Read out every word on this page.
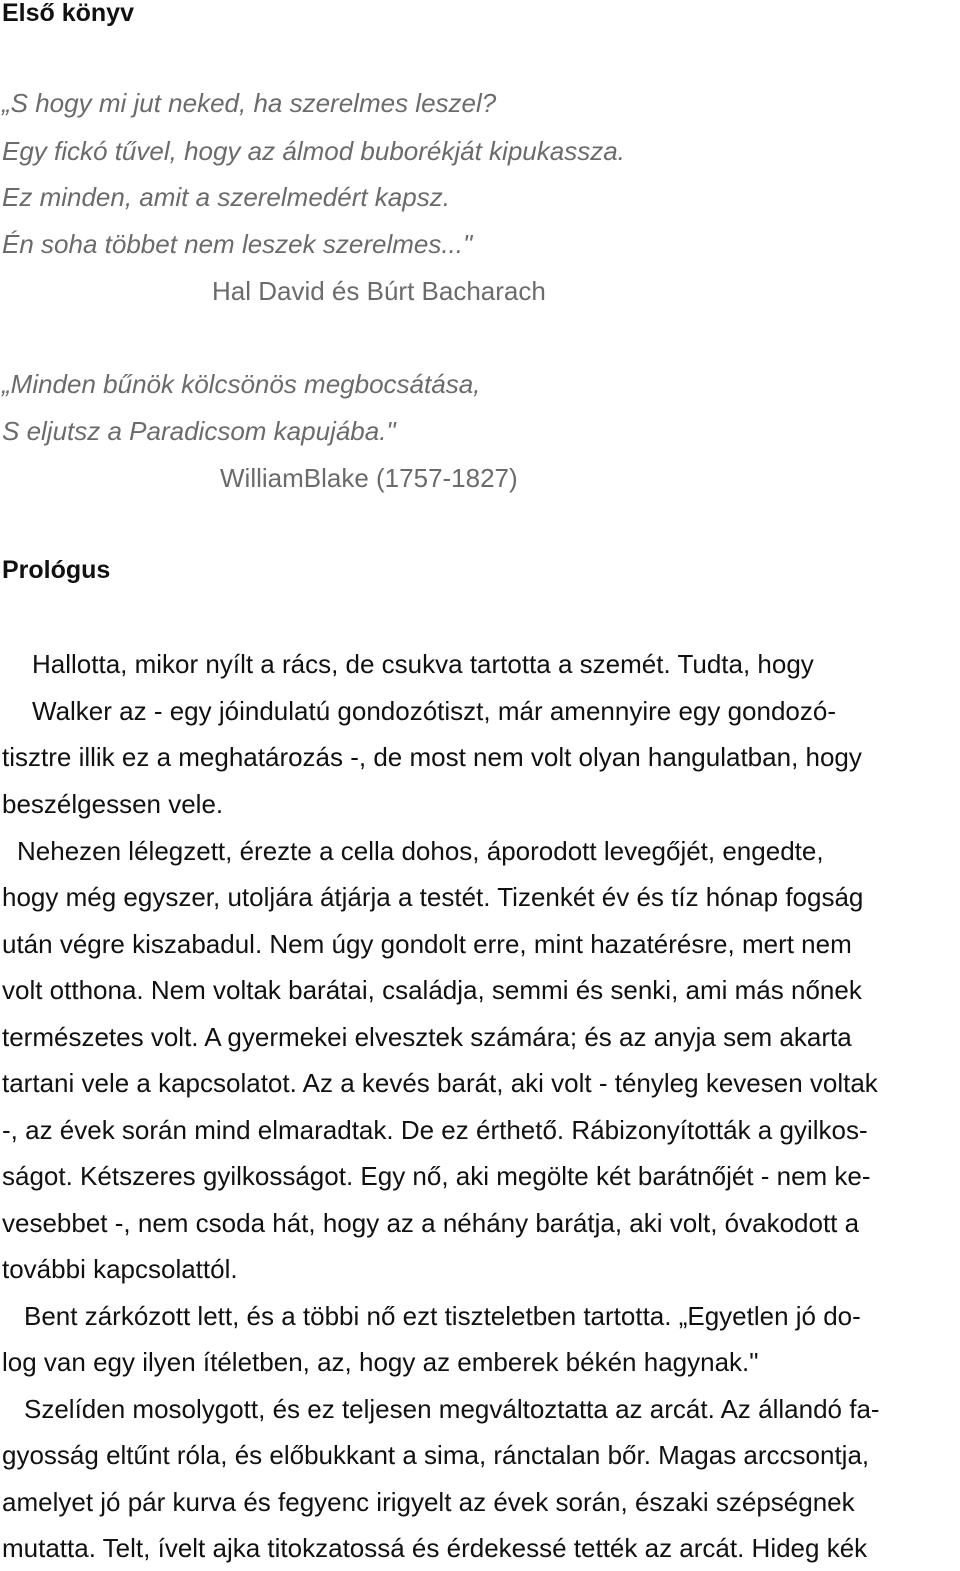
Első könyv

„S hogy mi jut neked, ha szerelmes leszel?

Egy fickó tűvel, hogy az álmod buborékját kipukassza.

Ez minden, amit a szerelmedért kapsz.

Én soha többet nem leszek szerelmes..."

Hal David és Búrt Bacharach

„Minden bűnök kölcsönös megbocsátása,

S eljutsz a Paradicsom kapujába."

WilliamBlake (1757-1827)

Prológus

Hallotta, mikor nyílt a rács, de csukva tartotta a szemét. Tudta, hogy

Walker az - egy jóindulatú gondozótiszt, már amennyire egy gondozó-

tisztre illik ez a meghatározás -, de most nem volt olyan hangulatban, hogy

beszélgessen vele.

Nehezen lélegzett, érezte a cella dohos, áporodott levegőjét, engedte,

hogy még egyszer, utoljára átjárja a testét. Tizenkét év és tíz hónap fogság

után végre kiszabadul. Nem úgy gondolt erre, mint hazatérésre, mert nem

volt otthona. Nem voltak barátai, családja, semmi és senki, ami más nőnek

természetes volt. A gyermekei elvesztek számára; és az anyja sem akarta

tartani vele a kapcsolatot. Az a kevés barát, aki volt - tényleg kevesen voltak

-, az évek során mind elmaradtak. De ez érthető. Rábizonyították a gyilkos-

ságot. Kétszeres gyilkosságot. Egy nő, aki megölte két barátnőjét - nem ke-

vesebbet -, nem csoda hát, hogy az a néhány barátja, aki volt, óvakodott a

további kapcsolattól.

Bent zárkózott lett, és a többi nő ezt tiszteletben tartotta. „Egyetlen jó do-

log van egy ilyen ítéletben, az, hogy az emberek békén hagynak."

Szelíden mosolygott, és ez teljesen megváltoztatta az arcát. Az állandó fa-

gyosság eltűnt róla, és előbukkant a sima, ránctalan bőr. Magas arccsontja,

amelyet jó pár kurva és fegyenc irigyelt az évek során, északi szépségnek

mutatta. Telt, ívelt ajka titokzatossá és érdekessé tették az arcát. Hideg kék
